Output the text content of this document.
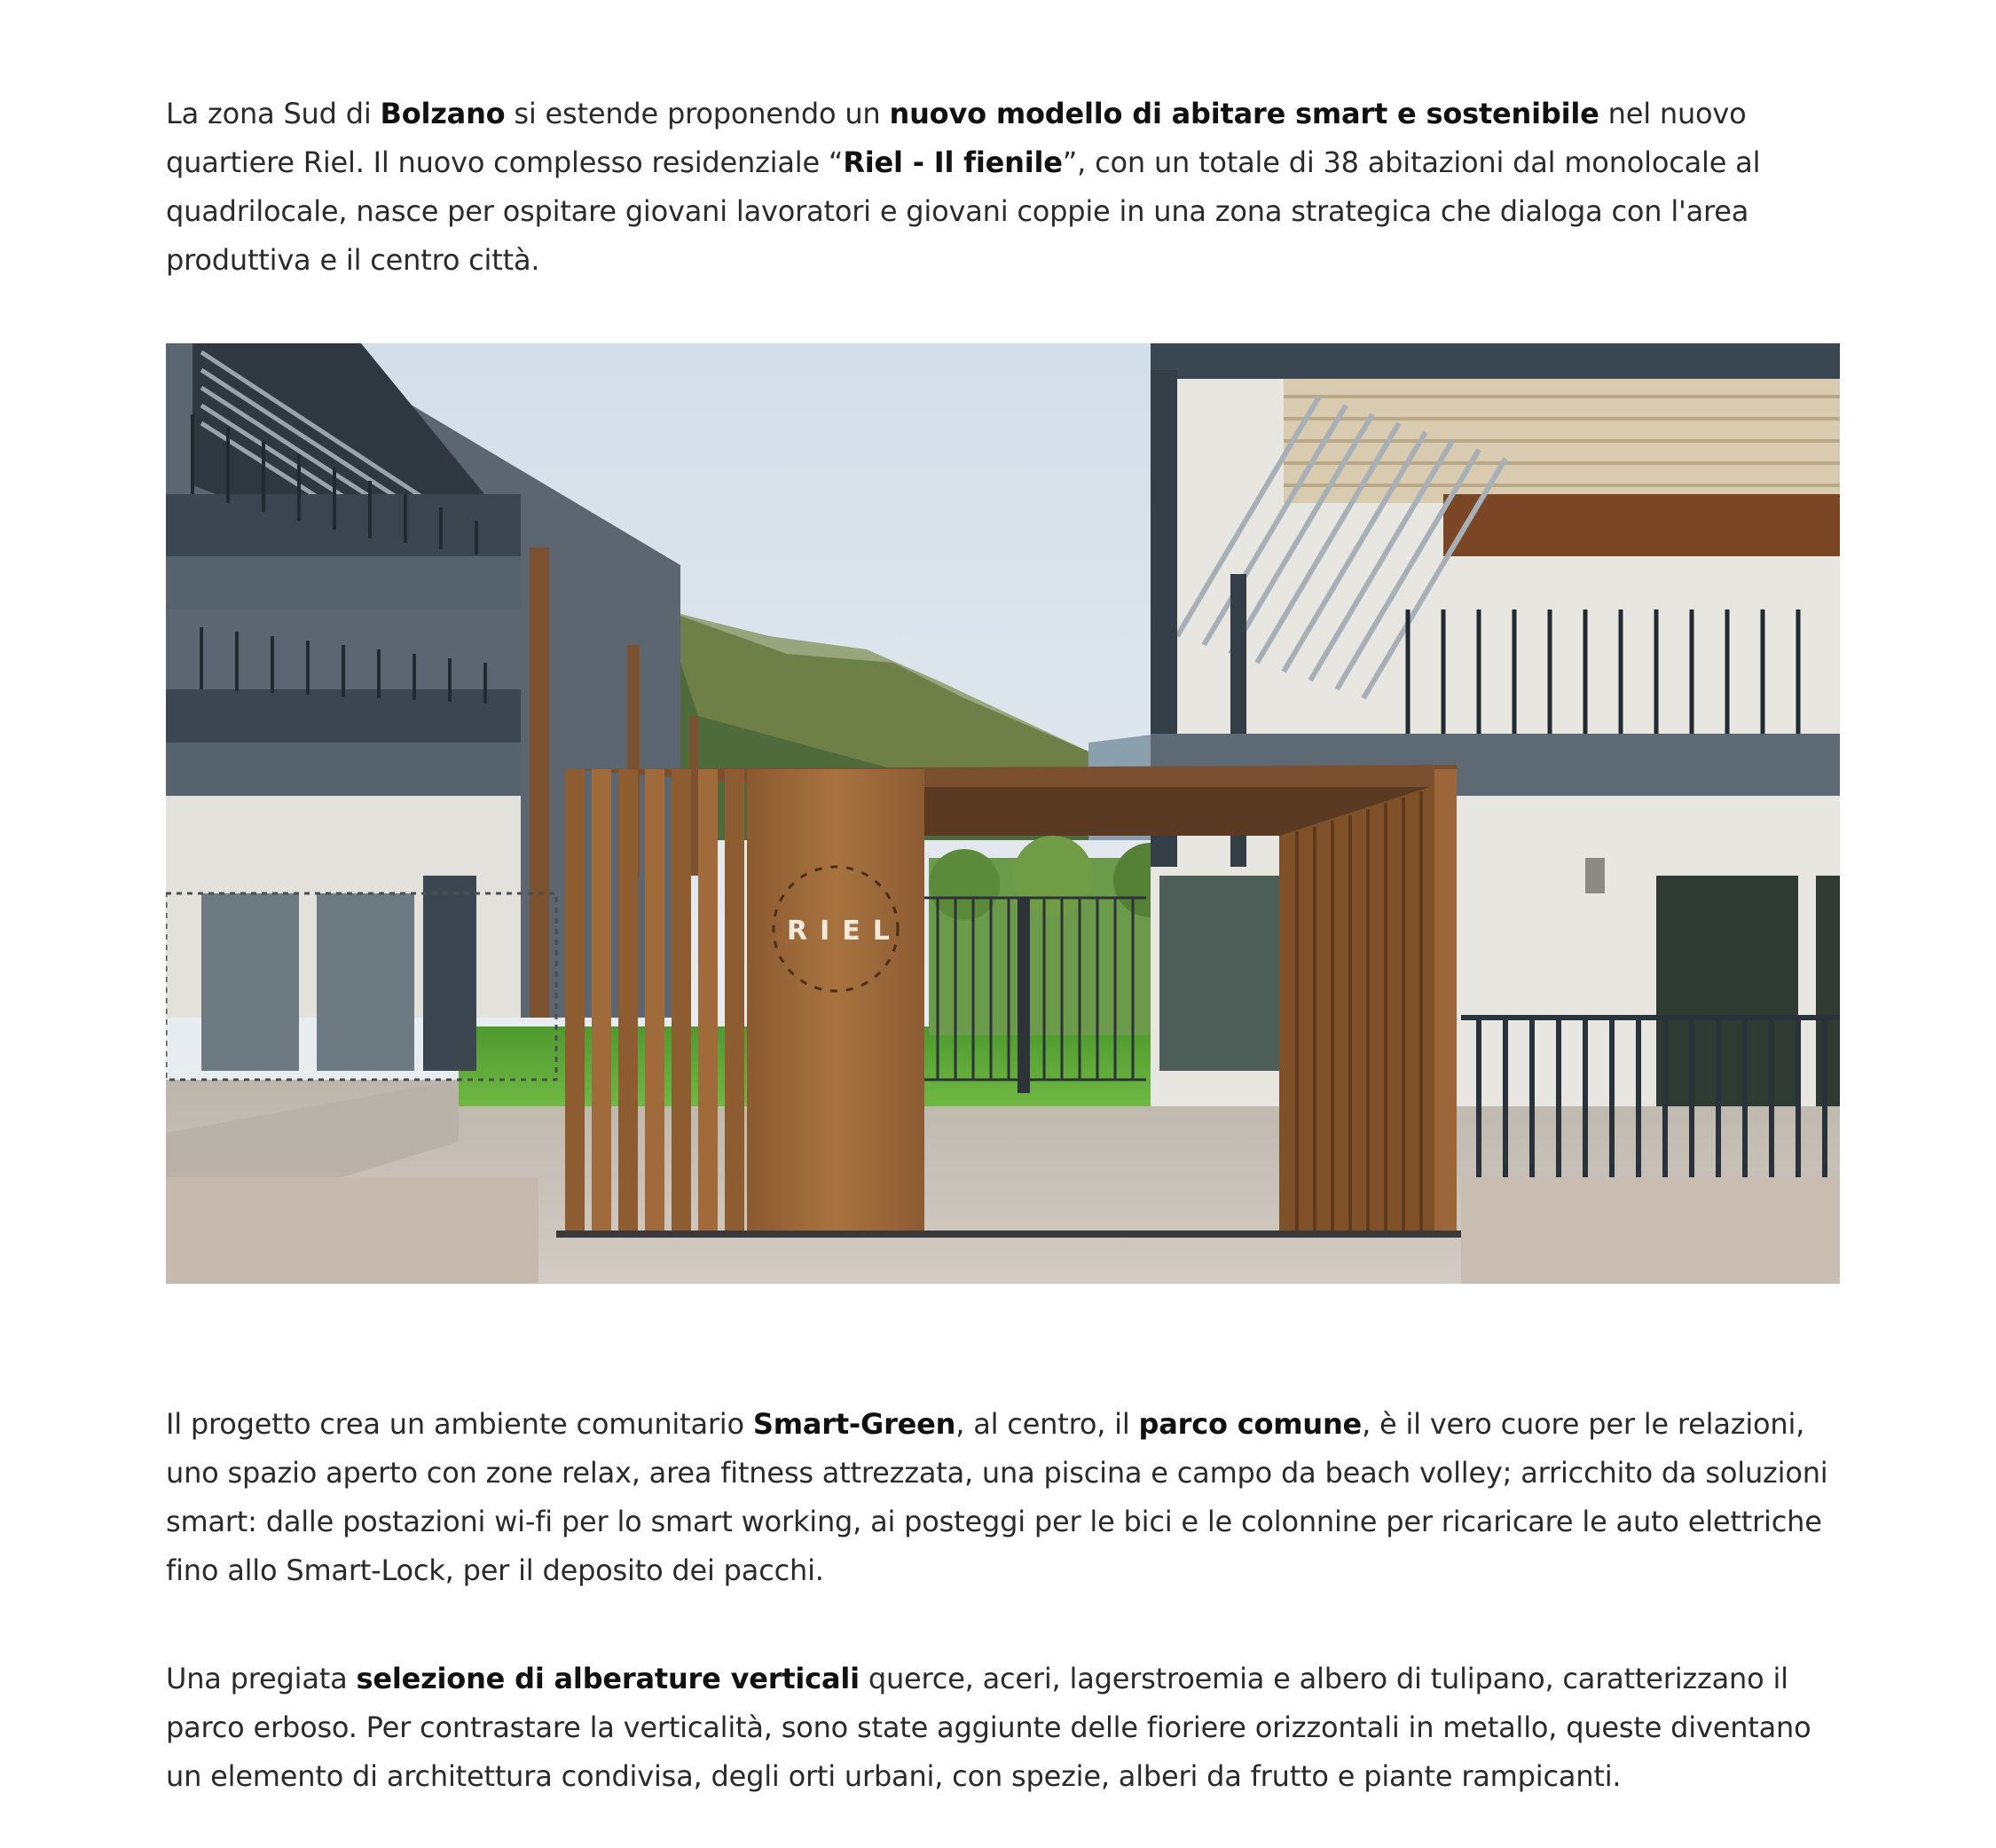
La zona Sud di Bolzano si estende proponendo un nuovo modello di abitare smart e sostenibile nel nuovo quartiere Riel. Il nuovo complesso residenziale “Riel - Il fienile”, con un totale di 38 abitazioni dal monolocale al quadrilocale, nasce per ospitare giovani lavoratori e giovani coppie in una zona strategica che dialoga con l'area produttiva e il centro città.

RIEL

Il progetto crea un ambiente comunitario Smart-Green, al centro, il parco comune, è il vero cuore per le relazioni, uno spazio aperto con zone relax, area fitness attrezzata, una piscina e campo da beach volley; arricchito da soluzioni smart: dalle postazioni wi-fi per lo smart working, ai posteggi per le bici e le colonnine per ricaricare le auto elettriche fino allo Smart-Lock, per il deposito dei pacchi.

Una pregiata selezione di alberature verticali querce, aceri, lagerstroemia e albero di tulipano, caratterizzano il parco erboso. Per contrastare la verticalità, sono state aggiunte delle fioriere orizzontali in metallo, queste diventano un elemento di architettura condivisa, degli orti urbani, con spezie, alberi da frutto e piante rampicanti.
